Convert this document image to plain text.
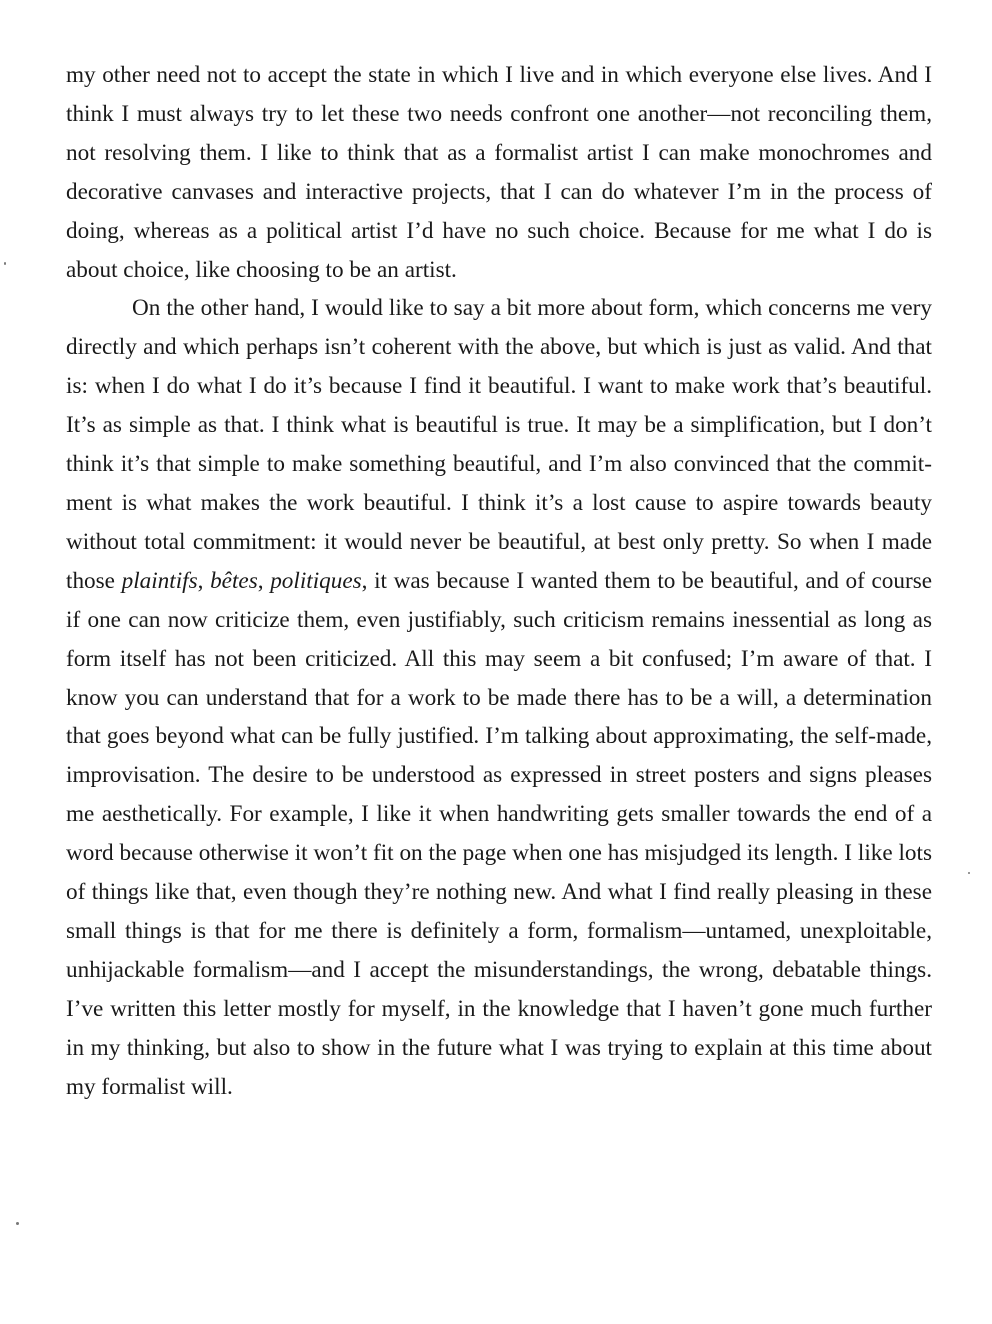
my other need not to accept the state in which I live and in which everyone else lives. And I think I must always try to let these two needs confront one another—not reconciling them, not resolving them. I like to think that as a formalist artist I can make monochromes and decorative canvases and interactive projects, that I can do whatever I’m in the process of doing, whereas as a political artist I’d have no such choice. Because for me what I do is about choice, like choosing to be an artist.

On the other hand, I would like to say a bit more about form, which concerns me very directly and which perhaps isn’t coherent with the above, but which is just as valid. And that is: when I do what I do it’s because I find it beautiful. I want to make work that’s beautiful. It’s as simple as that. I think what is beautiful is true. It may be a simplification, but I don’t think it’s that simple to make something beautiful, and I’m also convinced that the commitment is what makes the work beautiful. I think it’s a lost cause to aspire towards beauty without total commitment: it would never be beautiful, at best only pretty. So when I made those plaintifs, bêtes, politiques, it was because I wanted them to be beautiful, and of course if one can now criticize them, even justifiably, such criticism remains inessential as long as form itself has not been criticized. All this may seem a bit confused; I’m aware of that. I know you can understand that for a work to be made there has to be a will, a determination that goes beyond what can be fully justified. I’m talking about approximating, the self-made, improvisation. The desire to be understood as expressed in street posters and signs pleases me aesthetically. For example, I like it when handwriting gets smaller towards the end of a word because otherwise it won’t fit on the page when one has misjudged its length. I like lots of things like that, even though they’re nothing new. And what I find really pleasing in these small things is that for me there is definitely a form, formalism—untamed, unexploitable, unhijackable formalism—and I accept the misunderstandings, the wrong, debatable things. I’ve written this letter mostly for myself, in the knowledge that I haven’t gone much further in my thinking, but also to show in the future what I was trying to explain at this time about my formalist will.
